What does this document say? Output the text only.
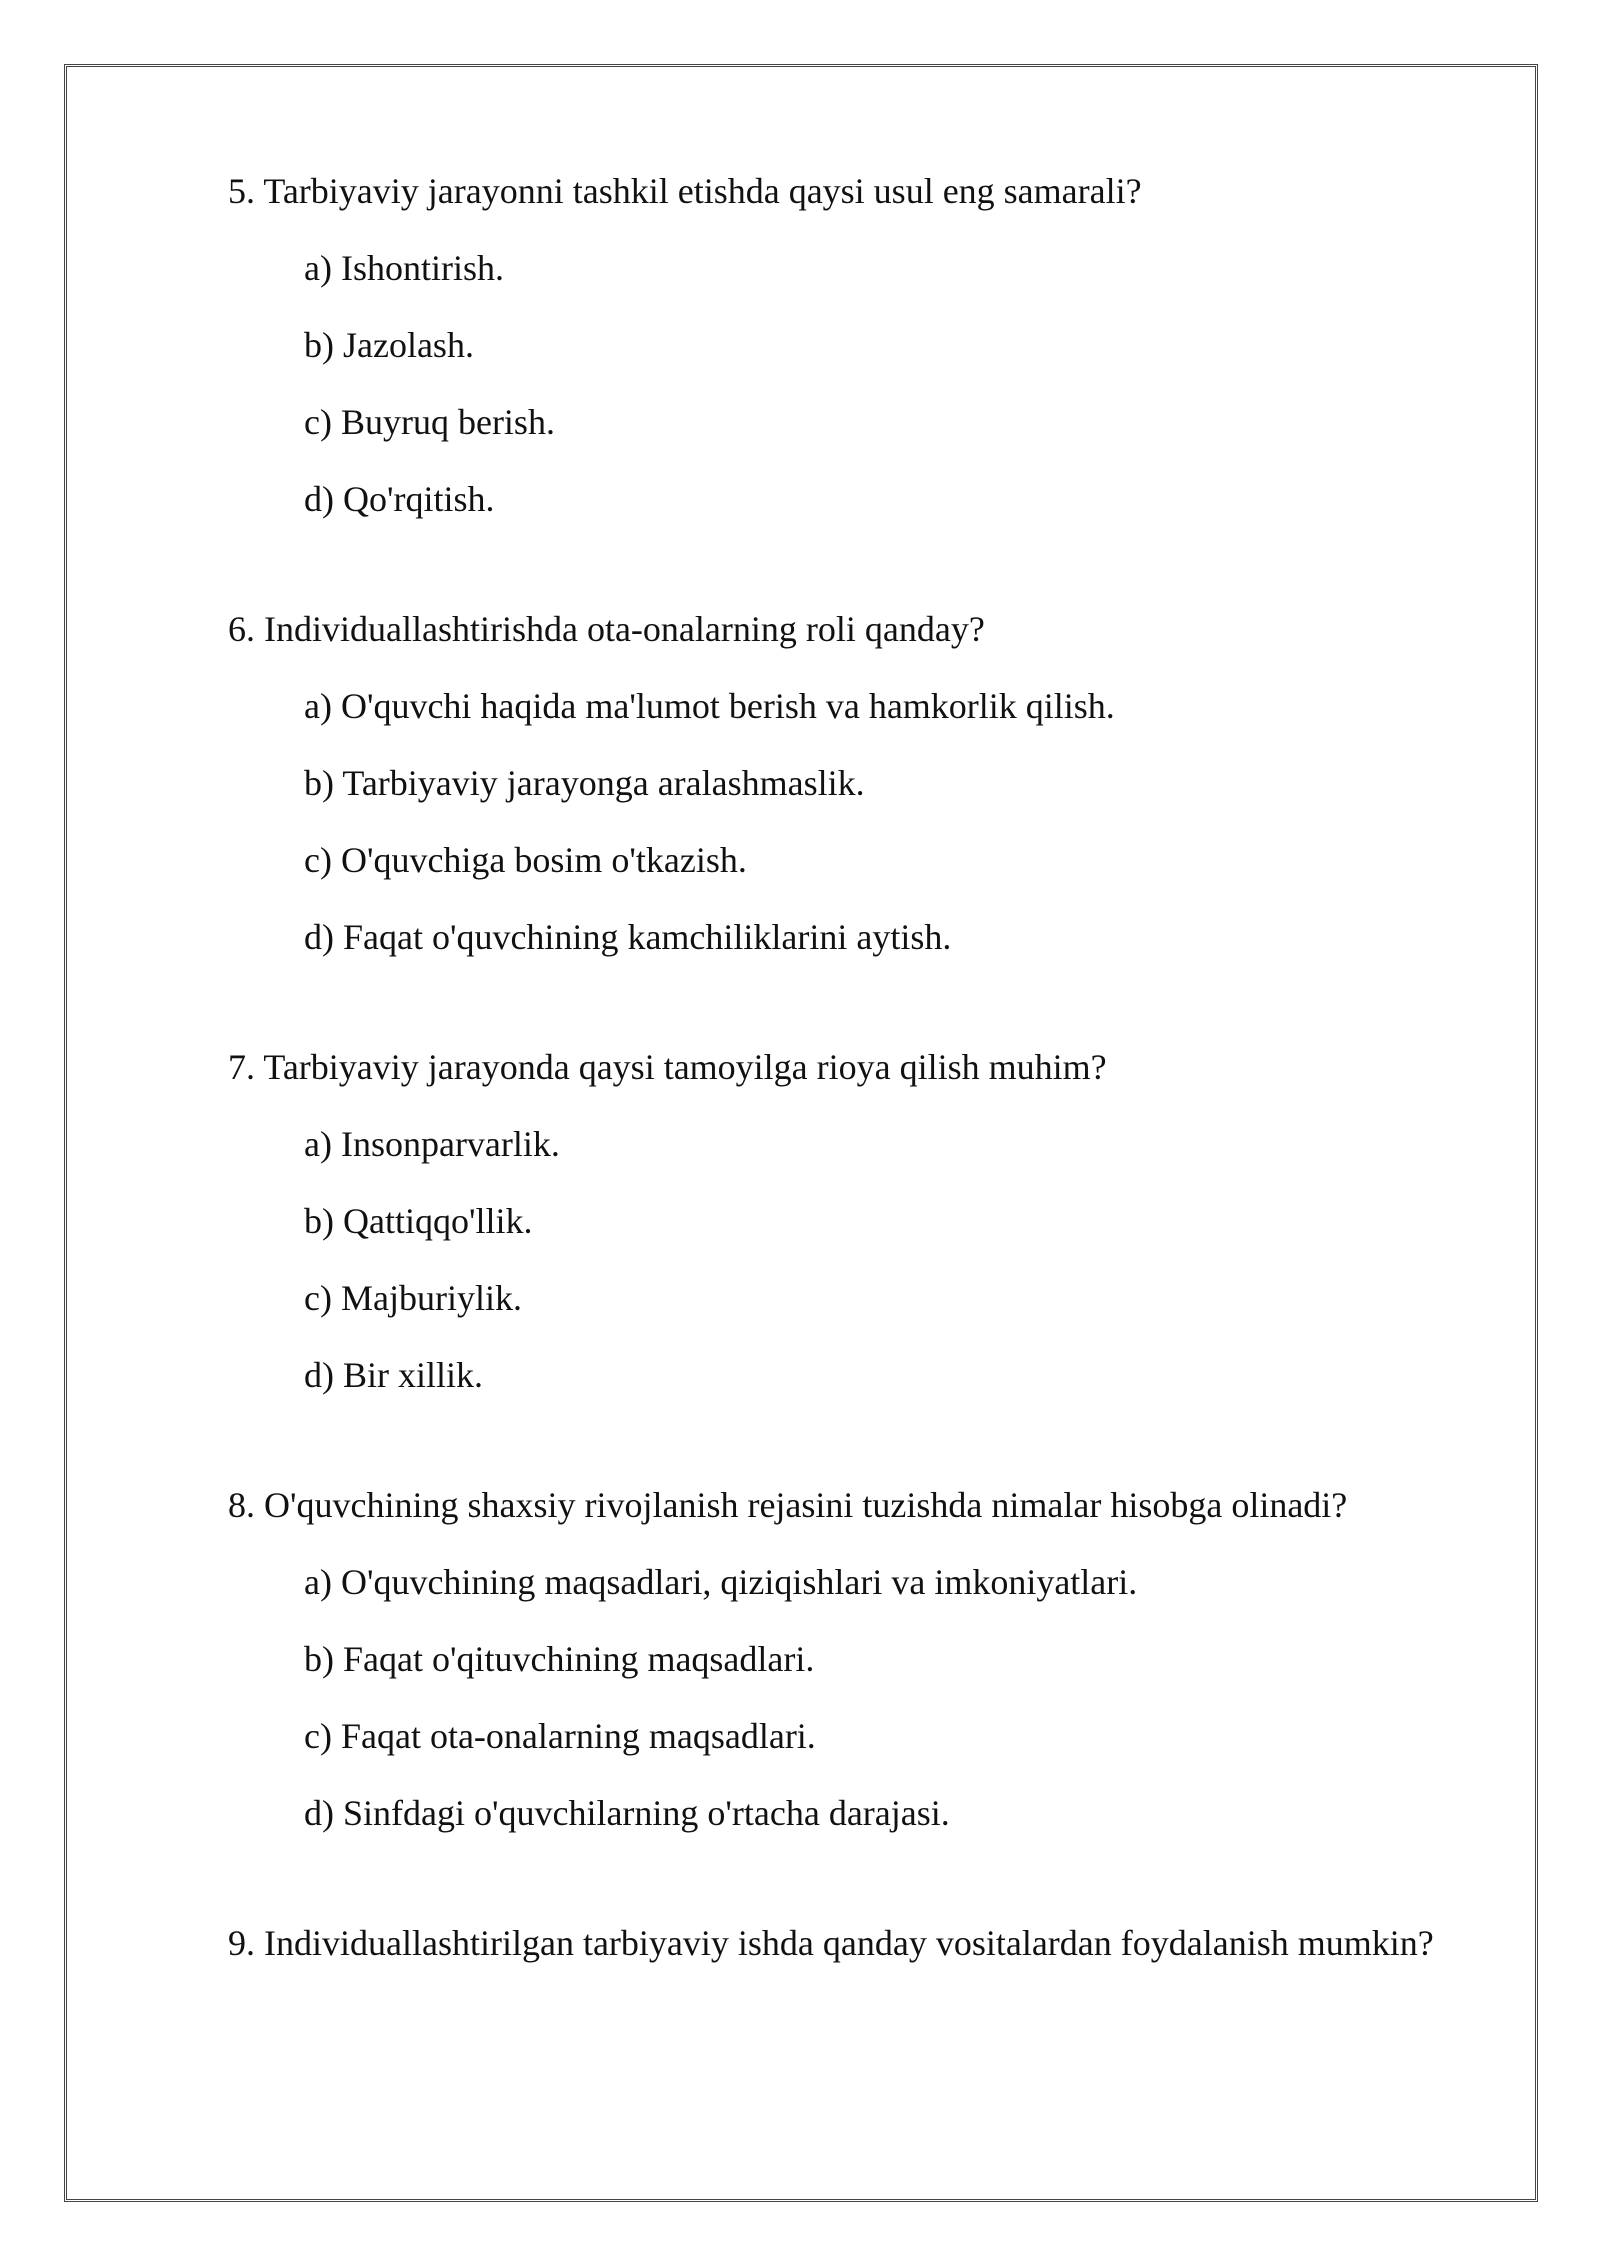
5. Tarbiyaviy jarayonni tashkil etishda qaysi usul eng samarali?

a) Ishontirish.
b) Jazolash.
c) Buyruq berish.
d) Qo'rqitish.

6. Individuallashtirishda ota-onalarning roli qanday?

a) O'quvchi haqida ma'lumot berish va hamkorlik qilish.
b) Tarbiyaviy jarayonga aralashmaslik.
c) O'quvchiga bosim o'tkazish.
d) Faqat o'quvchining kamchiliklarini aytish.

7. Tarbiyaviy jarayonda qaysi tamoyilga rioya qilish muhim?

a) Insonparvarlik.
b) Qattiqqo'llik.
c) Majburiylik.
d) Bir xillik.

8. O'quvchining shaxsiy rivojlanish rejasini tuzishda nimalar hisobga olinadi?

a) O'quvchining maqsadlari, qiziqishlari va imkoniyatlari.
b) Faqat o'qituvchining maqsadlari.
c) Faqat ota-onalarning maqsadlari.
d) Sinfdagi o'quvchilarning o'rtacha darajasi.

9. Individuallashtirilgan tarbiyaviy ishda qanday vositalardan foydalanish mumkin?
